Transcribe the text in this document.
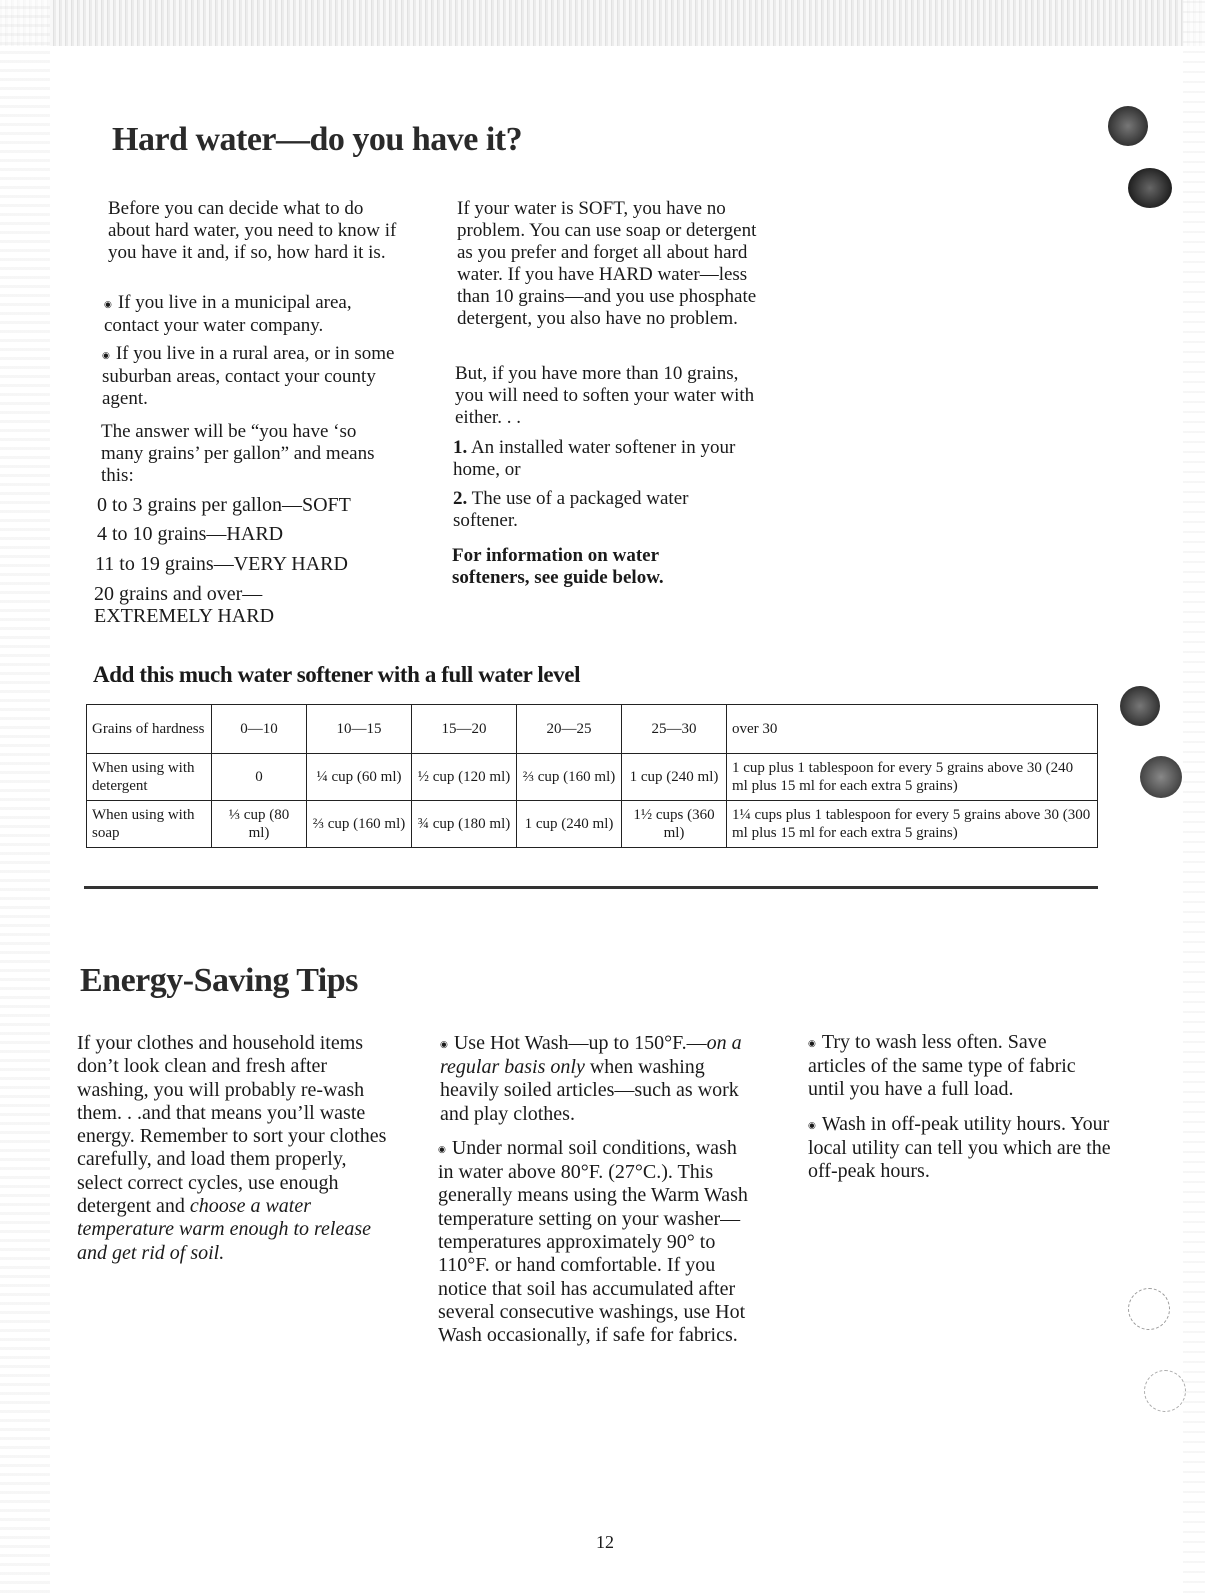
Hard water—do you have it?

Before you can decide what to do about hard water, you need to know if you have it and, if so, how hard it is.

◉ If you live in a municipal area, contact your water company.

◉ If you live in a rural area, or in some suburban areas, contact your county agent.

The answer will be “you have ‘so many grains’ per gallon” and means this:

0 to 3 grains per gallon—SOFT

4 to 10 grains—HARD

11 to 19 grains—VERY HARD

20 grains and over—

EXTREMELY HARD

If your water is SOFT, you have no problem. You can use soap or detergent as you prefer and forget all about hard water. If you have HARD water—less than 10 grains—and you use phosphate detergent, you also have no problem.

But, if you have more than 10 grains, you will need to soften your water with either. . .

1. An installed water softener in your home, or

2. The use of a packaged water softener.

For information on water softeners, see guide below.

Add this much water softener with a full water level
Grains of hardness	0—10	10—15	15—20	20—25	25—30	over 30
When using with detergent	0	¼ cup (60 ml)	½ cup (120 ml)	⅔ cup (160 ml)	1 cup (240 ml)	1 cup plus 1 tablespoon for every 5 grains above 30 (240 ml plus 15 ml for each extra 5 grains)
When using with soap	⅓ cup (80 ml)	⅔ cup (160 ml)	¾ cup (180 ml)	1 cup (240 ml)	1½ cups (360 ml)	1¼ cups plus 1 tablespoon for every 5 grains above 30 (300 ml plus 15 ml for each extra 5 grains)
Energy-Saving Tips

If your clothes and household items don’t look clean and fresh after washing, you will probably re-wash them. . .and that means you’ll waste energy. Remember to sort your clothes carefully, and load them properly, select correct cycles, use enough detergent and choose a water temperature warm enough to release and get rid of soil.

◉ Use Hot Wash—up to 150°F.—on a regular basis only when washing heavily soiled articles—such as work and play clothes.

◉ Under normal soil conditions, wash in water above 80°F. (27°C.). This generally means using the Warm Wash temperature setting on your washer—temperatures approximately 90° to 110°F. or hand comfortable. If you notice that soil has accumulated after several consecutive washings, use Hot Wash occasionally, if safe for fabrics.

◉ Try to wash less often. Save articles of the same type of fabric until you have a full load.

◉ Wash in off-peak utility hours. Your local utility can tell you which are the off-peak hours.

12
